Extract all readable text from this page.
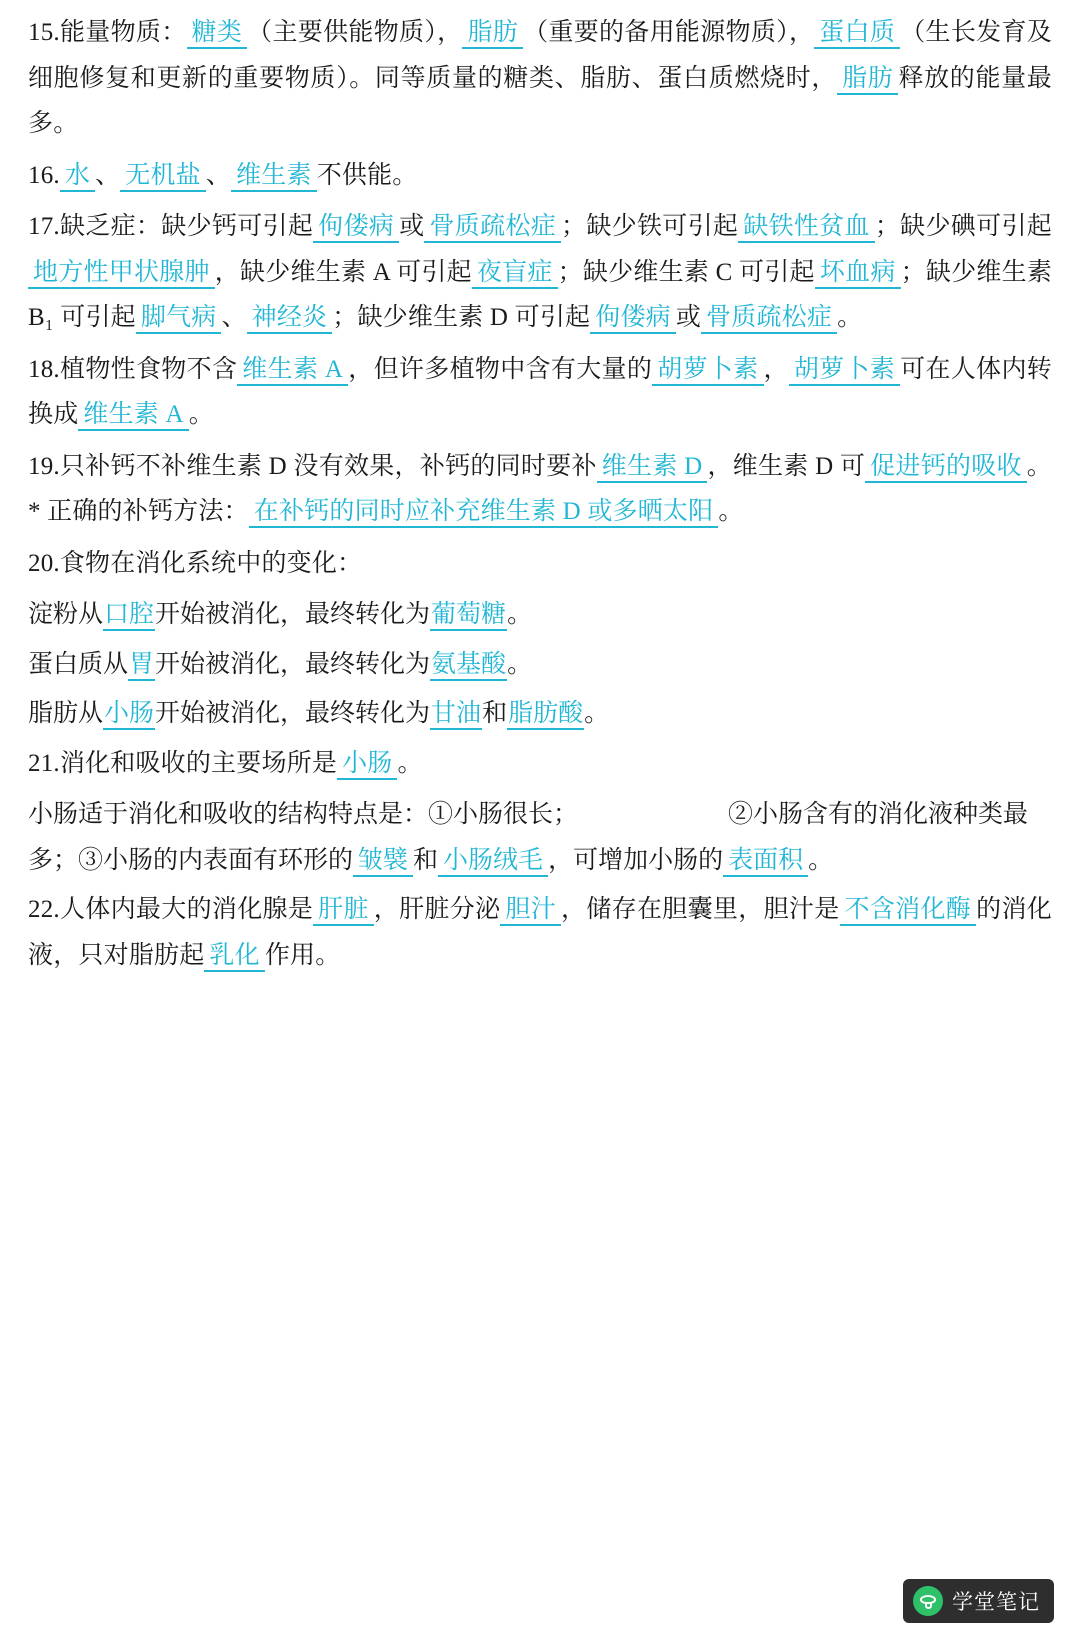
15.能量物质： 糖类 （主要供能物质）， 脂肪 （重要的备用能源物质）， 蛋白质 （生长发育及细胞修复和更新的重要物质）。同等质量的糖类、脂肪、蛋白质燃烧时， 脂肪 释放的能量最多。

16. 水 、 无机盐 、 维生素 不供能。

17.缺乏症：缺少钙可引起 佝偻病 或 骨质疏松症 ；缺少铁可引起 缺铁性贫血 ；缺少碘可引起地方性甲状腺肿 ，缺少维生素 A 可引起 夜盲症 ；缺少维生素 C 可引起 坏血病 ；缺少维生素 B₁ 可引起 脚气病 、 神经炎 ；缺少维生素 D 可引起 佝偻病 或 骨质疏松症 。

18.植物性食物不含 维生素 A ，但许多植物中含有大量的 胡萝卜素 ， 胡萝卜素 可在人体内转换成 维生素 A 。

19.只补钙不补维生素 D 没有效果，补钙的同时要补 维生素 D ，维生素 D 可 促进钙的吸收 。* 正确的补钙方法： 在补钙的同时应补充维生素 D 或多晒太阳 。

20.食物在消化系统中的变化：

淀粉从口腔开始被消化，最终转化为葡萄糖。

蛋白质从胃开始被消化，最终转化为氨基酸。

脂肪从小肠开始被消化，最终转化为甘油和脂肪酸。

21.消化和吸收的主要场所是 小肠 。

小肠适于消化和吸收的结构特点是：①小肠很长；	②小肠含有的消化液种类最多；③小肠的内表面有环形的 皱襞 和 小肠绒毛 ，可增加小肠的 表面积 。

22.人体内最大的消化腺是 肝脏 ，肝脏分泌 胆汁 ，储存在胆囊里，胆汁是 不含消化酶 的消化液，只对脂肪起 乳化 作用。

学堂笔记
